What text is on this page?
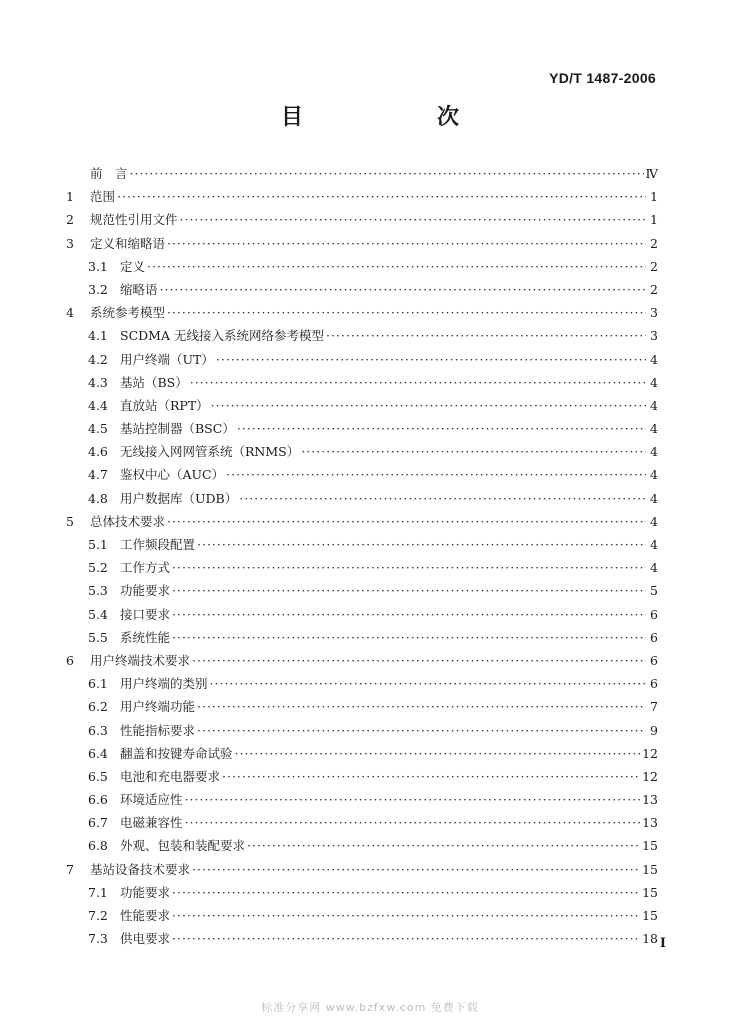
YD/T 1487-2006
目　　次
前　言 ·····	Ⅳ
1	范围 ·····	1
2	规范性引用文件 ·····	1
3	定义和缩略语 ·····	2
3.1 定义 ·····	2
3.2 缩略语 ·····	2
4	系统参考模型 ·····	3
4.1 SCDMA 无线接入系统网络参考模型 ·····	3
4.2 用户终端（UT） ·····	4
4.3 基站（BS） ·····	4
4.4 直放站（RPT） ·····	4
4.5 基站控制器（BSC） ·····	4
4.6 无线接入网网管系统（RNMS） ·····	4
4.7 鉴权中心（AUC） ·····	4
4.8 用户数据库（UDB） ·····	4
5	总体技术要求 ·····	4
5.1 工作频段配置 ·····	4
5.2 工作方式 ·····	4
5.3 功能要求 ·····	5
5.4 接口要求 ·····	6
5.5 系统性能 ·····	6
6	用户终端技术要求 ·····	6
6.1 用户终端的类别 ·····	6
6.2 用户终端功能 ·····	7
6.3 性能指标要求 ·····	9
6.4 翻盖和按键寿命试验 ·····	12
6.5 电池和充电器要求 ·····	12
6.6 环境适应性 ·····	13
6.7 电磁兼容性 ·····	13
6.8 外观、包装和装配要求 ·····	15
7	基站设备技术要求 ·····	15
7.1 功能要求 ·····	15
7.2 性能要求 ·····	15
7.3 供电要求 ·····	18 I
标准分享网 www.bzfxw.com 免费下载
